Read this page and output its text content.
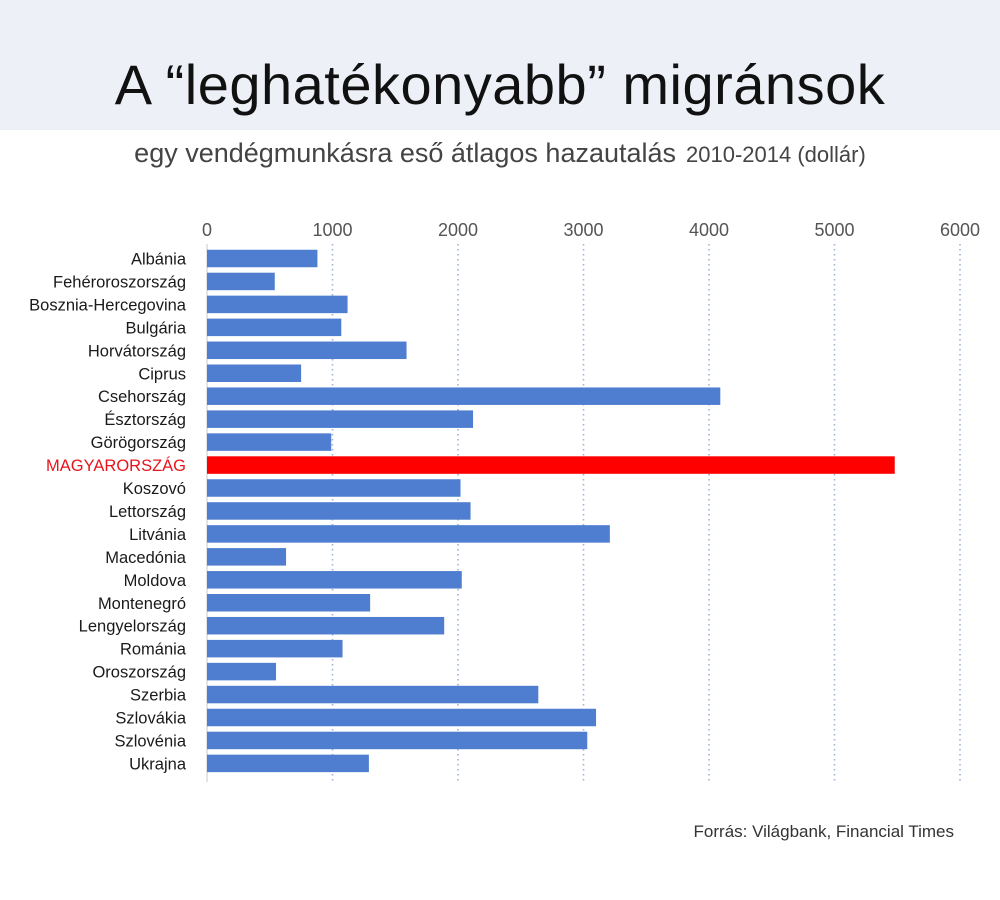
A “leghatékonyabb” migránsok
egy vendégmunkásra eső átlagos hazautalás 2010-2014 (dollár)
0	1000	2000	3000	4000	5000	6000
Albánia
Fehéroroszország
Bosznia-Hercegovina
Bulgária
Horvátország
Ciprus
Csehország
Észtország
Görögország
MAGYARORSZÁG
Koszovó
Lettország
Litvánia
Macedónia
Moldova
Montenegró
Lengyelország
Románia
Oroszország
Szerbia
Szlovákia
Szlovénia
Ukrajna
Forrás: Világbank, Financial Times
